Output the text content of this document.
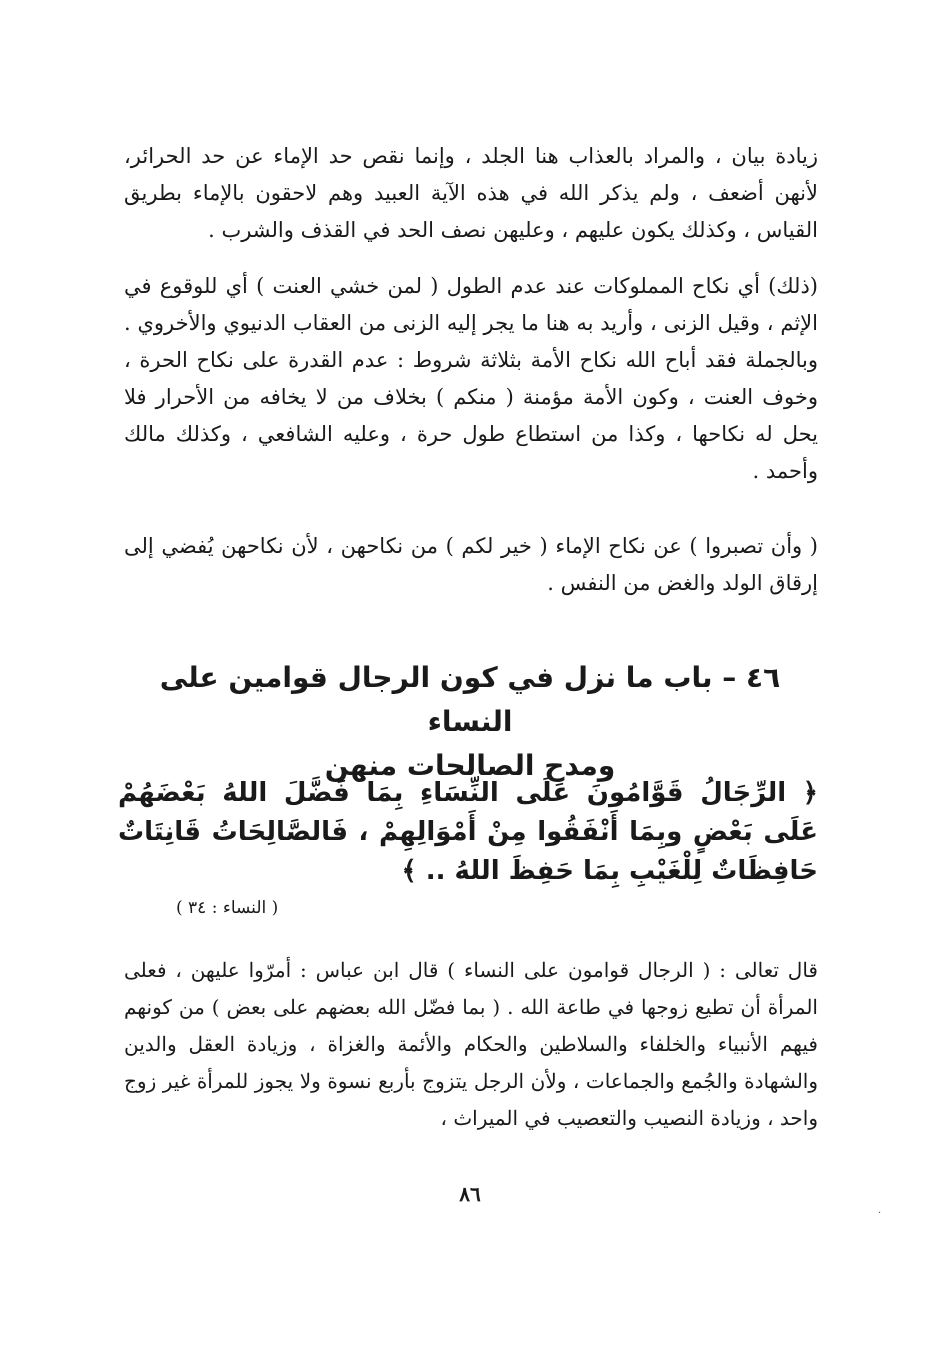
زيادة بيان ، والمراد بالعذاب هنا الجلد ، وإنما نقص حد الإماء عن حد الحرائر، لأنهن أضعف ، ولم يذكر الله في هذه الآية العبيد وهم لاحقون بالإماء بطريق القياس ، وكذلك يكون عليهم ، وعليهن نصف الحد في القذف والشرب .

(ذلك) أي نكاح المملوكات عند عدم الطول ( لمن خشي العنت ) أي للوقوع في الإثم ، وقيل الزنى ، وأريد به هنا ما يجر إليه الزنى من العقاب الدنيوي والأخروي . وبالجملة فقد أباح الله نكاح الأمة بثلاثة شروط : عدم القدرة على نكاح الحرة ، وخوف العنت ، وكون الأمة مؤمنة ( منكم ) بخلاف من لا يخافه من الأحرار فلا يحل له نكاحها ، وكذا من استطاع طول حرة ، وعليه الشافعي ، وكذلك مالك وأحمد .

( وأن تصبروا ) عن نكاح الإماء ( خير لكم ) من نكاحهن ، لأن نكاحهن يُفضي إلى إرقاق الولد والغض من النفس .

٤٦ – باب ما نزل في كون الرجال قوامين على النساء
ومدح الصالحات منهن

﴿ الرِّجَالُ قَوَّامُونَ عَلَى النِّسَاءِ بِمَا فَضَّلَ اللهُ بَعْضَهُمْ عَلَى بَعْضٍ وبِمَا أَنْفَقُوا مِنْ أَمْوَالِهِمْ ، فَالصَّالِحَاتُ قَانِتَاتٌ حَافِظَاتٌ لِلْغَيْبِ بِمَا حَفِظَ اللهُ .. ﴾

( النساء : ٣٤ )

قال تعالى : ( الرجال قوامون على النساء ) قال ابن عباس : أمرّوا عليهن ، فعلى المرأة أن تطيع زوجها في طاعة الله . ( بما فضّل الله بعضهم على بعض ) من كونهم فيهم الأنبياء والخلفاء والسلاطين والحكام والأئمة والغزاة ، وزيادة العقل والدين والشهادة والجُمع والجماعات ، ولأن الرجل يتزوج بأربع نسوة ولا يجوز للمرأة غير زوج واحد ، وزيادة النصيب والتعصيب في الميراث ،

٨٦
·
